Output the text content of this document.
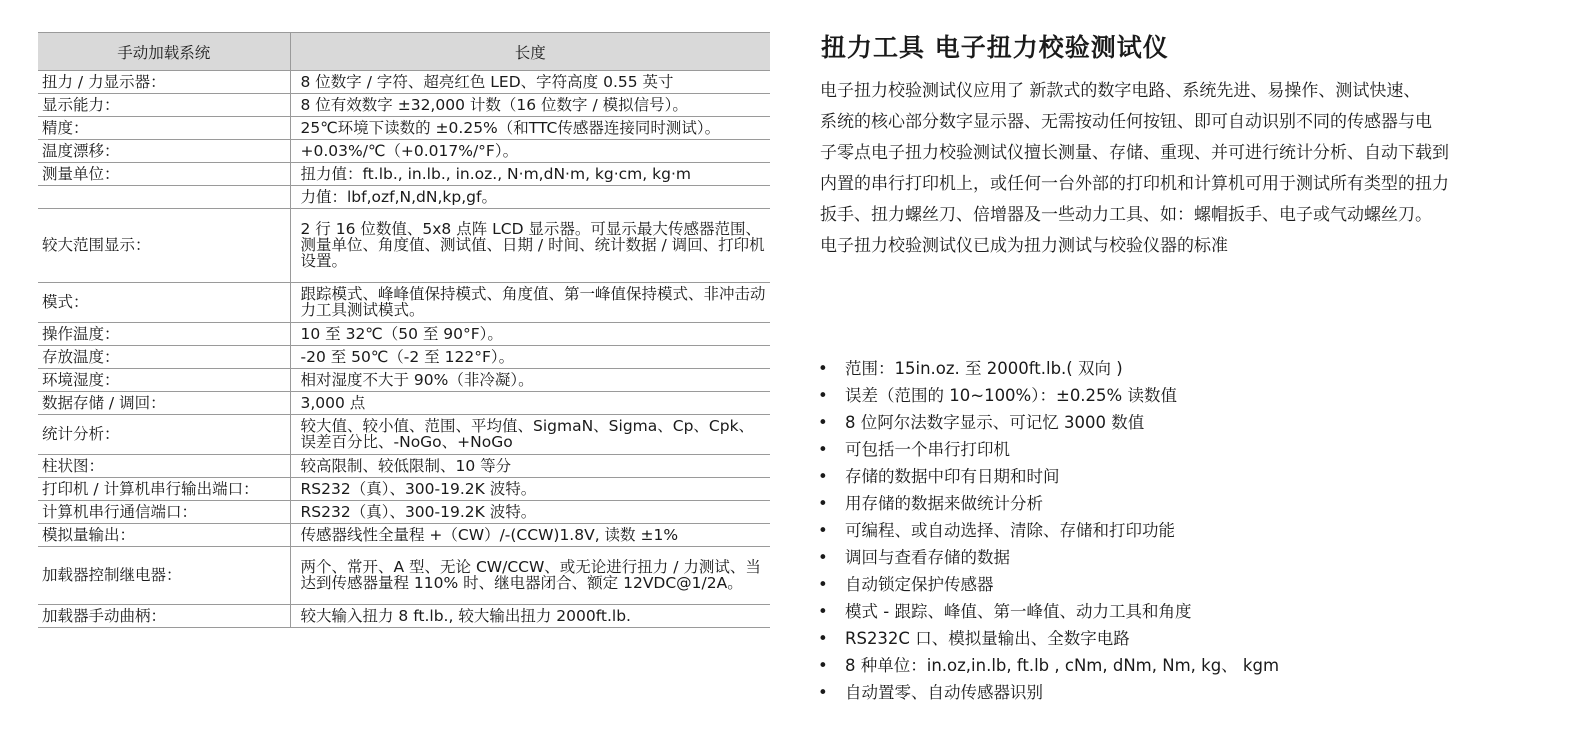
手动加载系统	长度
扭力 / 力显示器：	8 位数字 / 字符、超亮红色 LED、字符高度 0.55 英寸
显示能力：	8 位有效数字 ±32,000 计数（16 位数字 / 模拟信号）。
精度：	25℃环境下读数的 ±0.25%（和TTC传感器连接同时测试）。
温度漂移：	+0.03%/℃（+0.017%/°F）。
测量单位：	扭力值：ft.lb., in.lb., in.oz., N·m,dN·m, kg·cm, kg·m
	力值：lbf,ozf,N,dN,kp,gf。
较大范围显示：	2 行 16 位数值、5x8 点阵 LCD 显示器。可显示最大传感器范围、测量单位、角度值、测试值、日期 / 时间、统计数据 / 调回、打印机设置。
模式：	跟踪模式、峰峰值保持模式、角度值、第一峰值保持模式、非冲击动力工具测试模式。
操作温度：	10 至 32℃（50 至 90°F）。
存放温度：	-20 至 50℃（-2 至 122°F）。
环境湿度：	相对湿度不大于 90%（非冷凝）。
数据存储 / 调回：	3,000 点
统计分析：	较大值、较小值、范围、平均值、SigmaN、Sigma、Cp、Cpk、误差百分比、-NoGo、+NoGo
柱状图：	较高限制、较低限制、10 等分
打印机 / 计算机串行输出端口：	RS232（真）、300-19.2K 波特。
计算机串行通信端口：	RS232（真）、300-19.2K 波特。
模拟量输出：	传感器线性全量程 +（CW）/-(CCW)1.8V, 读数 ±1%
加载器控制继电器：	两个、常开、A 型、无论 CW/CCW、或无论进行扭力 / 力测试、当达到传感器量程 110% 时、继电器闭合、额定 12VDC@1/2A。
加载器手动曲柄：	较大输入扭力 8 ft.lb., 较大输出扭力 2000ft.lb.
扭力工具 电子扭力校验测试仪
电子扭力校验测试仪应用了 新款式的数字电路、系统先进、易操作、测试快速、
系统的核心部分数字显示器、无需按动任何按钮、即可自动识别不同的传感器与电
子零点电子扭力校验测试仪擅长测量、存储、重现、并可进行统计分析、自动下载到
内置的串行打印机上，或任何一台外部的打印机和计算机可用于测试所有类型的扭力
扳手、扭力螺丝刀、倍增器及一些动力工具、如：螺帽扳手、电子或气动螺丝刀。
电子扭力校验测试仪已成为扭力测试与校验仪器的标准
• 范围：15in.oz. 至 2000ft.lb.( 双向 )
• 误差（范围的 10~100%）：±0.25% 读数值
• 8 位阿尔法数字显示、可记忆 3000 数值
• 可包括一个串行打印机
• 存储的数据中印有日期和时间
• 用存储的数据来做统计分析
• 可编程、或自动选择、清除、存储和打印功能
• 调回与查看存储的数据
• 自动锁定保护传感器
• 模式 - 跟踪、峰值、第一峰值、动力工具和角度
• RS232C 口、模拟量输出、全数字电路
• 8 种单位：in.oz,in.lb, ft.lb , cNm, dNm, Nm, kg、 kgm
• 自动置零、自动传感器识别
